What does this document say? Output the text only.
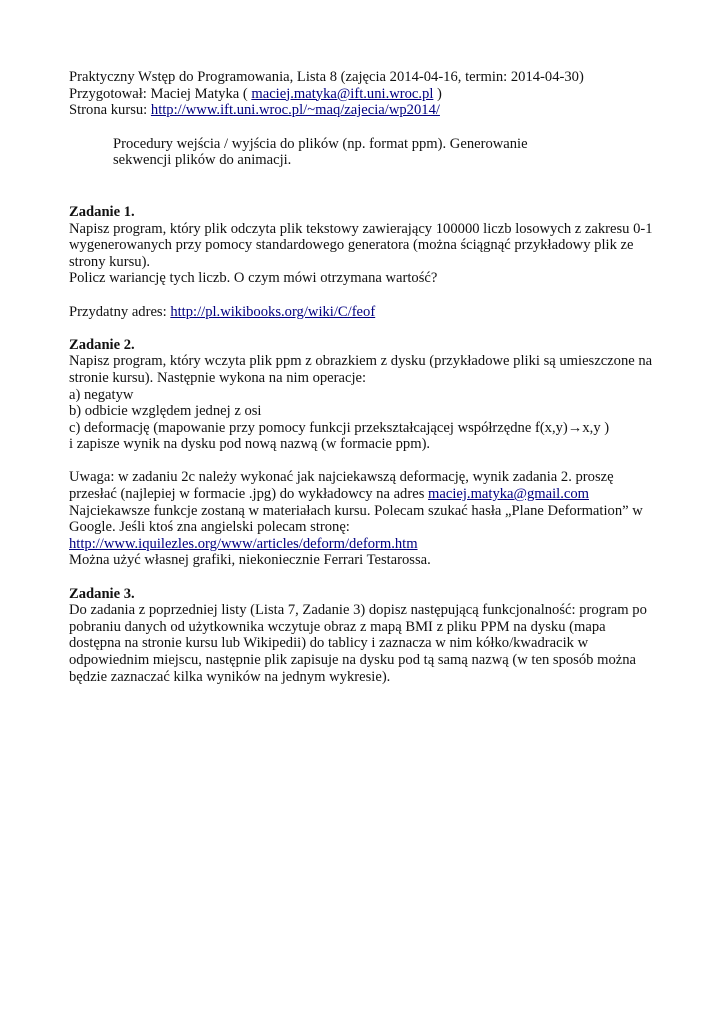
Praktyczny Wstęp do Programowania, Lista 8 (zajęcia 2014-04-16, termin: 2014-04-30)
Przygotował: Maciej Matyka ( maciej.matyka@ift.uni.wroc.pl )
Strona kursu: http://www.ift.uni.wroc.pl/~maq/zajecia/wp2014/
Procedury wejścia / wyjścia do plików (np. format ppm). Generowanie
sekwencji plików do animacji.
Zadanie 1.
Napisz program, który plik odczyta plik tekstowy zawierający 100000 liczb losowych z zakresu 0-1
wygenerowanych przy pomocy standardowego generatora (można ściągnąć przykładowy plik ze
strony kursu).
Policz wariancję tych liczb. O czym mówi otrzymana wartość?
Przydatny adres: http://pl.wikibooks.org/wiki/C/feof
Zadanie 2.
Napisz program, który wczyta plik ppm z obrazkiem z dysku (przykładowe pliki są umieszczone na
stronie kursu). Następnie wykona na nim operacje:
a) negatyw
b) odbicie względem jednej z osi
c) deformację (mapowanie przy pomocy funkcji przekształcającej współrzędne f(x,y)→x,y )
i zapisze wynik na dysku pod nową nazwą (w formacie ppm).
Uwaga: w zadaniu 2c należy wykonać jak najciekawszą deformację, wynik zadania 2. proszę
przesłać (najlepiej w formacie .jpg) do wykładowcy na adres maciej.matyka@gmail.com
Najciekawsze funkcje zostaną w materiałach kursu. Polecam szukać hasła „Plane Deformation” w
Google. Jeśli ktoś zna angielski polecam stronę:
http://www.iquilezles.org/www/articles/deform/deform.htm
Można użyć własnej grafiki, niekoniecznie Ferrari Testarossa.
Zadanie 3.
Do zadania z poprzedniej listy (Lista 7, Zadanie 3) dopisz następującą funkcjonalność: program po
pobraniu danych od użytkownika wczytuje obraz z mapą BMI z pliku PPM na dysku (mapa
dostępna na stronie kursu lub Wikipedii) do tablicy i zaznacza w nim kółko/kwadracik w
odpowiednim miejscu, następnie plik zapisuje na dysku pod tą samą nazwą (w ten sposób można
będzie zaznaczać kilka wyników na jednym wykresie).
